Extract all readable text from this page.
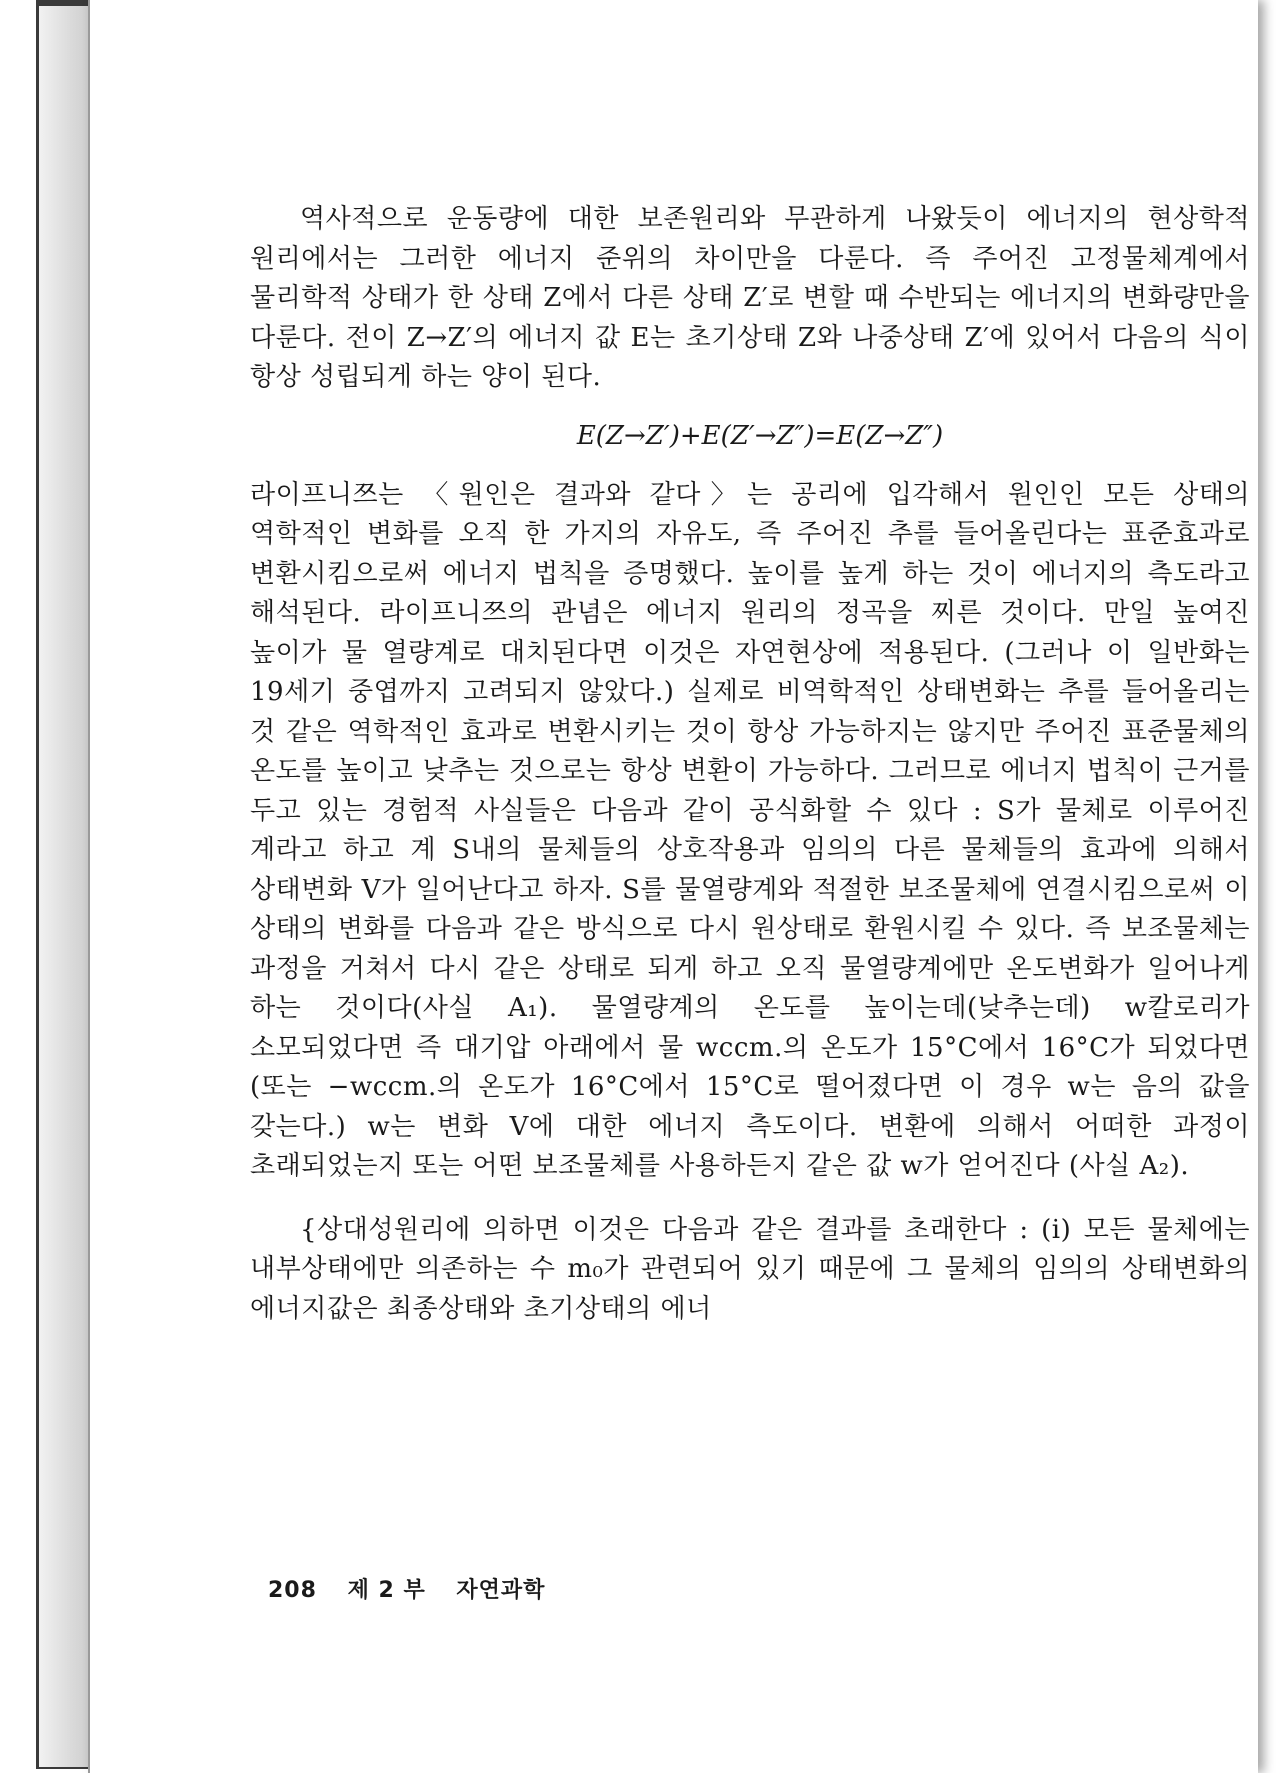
역사적으로 운동량에 대한 보존원리와 무관하게 나왔듯이 에너지의 현상학적 원리에서는 그러한 에너지 준위의 차이만을 다룬다. 즉 주어진 고정물체계에서 물리학적 상태가 한 상태 Z에서 다른 상태 Z′로 변할 때 수반되는 에너지의 변화량만을 다룬다. 전이 Z→Z′의 에너지 값 E는 초기상태 Z와 나중상태 Z′에 있어서 다음의 식이 항상 성립되게 하는 양이 된다.

E(Z→Z′)+E(Z′→Z″)=E(Z→Z″)

라이프니쯔는 〈원인은 결과와 같다〉는 공리에 입각해서 원인인 모든 상태의 역학적인 변화를 오직 한 가지의 자유도, 즉 주어진 추를 들어올린다는 표준효과로 변환시킴으로써 에너지 법칙을 증명했다. 높이를 높게 하는 것이 에너지의 측도라고 해석된다. 라이프니쯔의 관념은 에너지 원리의 정곡을 찌른 것이다. 만일 높여진 높이가 물 열량계로 대치된다면 이것은 자연현상에 적용된다. (그러나 이 일반화는 19세기 중엽까지 고려되지 않았다.) 실제로 비역학적인 상태변화는 추를 들어올리는 것 같은 역학적인 효과로 변환시키는 것이 항상 가능하지는 않지만 주어진 표준물체의 온도를 높이고 낮추는 것으로는 항상 변환이 가능하다. 그러므로 에너지 법칙이 근거를 두고 있는 경험적 사실들은 다음과 같이 공식화할 수 있다 : S가 물체로 이루어진 계라고 하고 계 S내의 물체들의 상호작용과 임의의 다른 물체들의 효과에 의해서 상태변화 V가 일어난다고 하자. S를 물열량계와 적절한 보조물체에 연결시킴으로써 이 상태의 변화를 다음과 같은 방식으로 다시 원상태로 환원시킬 수 있다. 즉 보조물체는 과정을 거쳐서 다시 같은 상태로 되게 하고 오직 물열량계에만 온도변화가 일어나게 하는 것이다(사실 A₁). 물열량계의 온도를 높이는데(낮추는데) w칼로리가 소모되었다면 즉 대기압 아래에서 물 wccm.의 온도가 15°C에서 16°C가 되었다면(또는 −wccm.의 온도가 16°C에서 15°C로 떨어졌다면 이 경우 w는 음의 값을 갖는다.) w는 변화 V에 대한 에너지 측도이다. 변환에 의해서 어떠한 과정이 초래되었는지 또는 어떤 보조물체를 사용하든지 같은 값 w가 얻어진다 (사실 A₂).

{상대성원리에 의하면 이것은 다음과 같은 결과를 초래한다 : (i) 모든 물체에는 내부상태에만 의존하는 수 m₀가 관련되어 있기 때문에 그 물체의 임의의 상태변화의 에너지값은 최종상태와 초기상태의 에너

208 제 2 부 자연과학
